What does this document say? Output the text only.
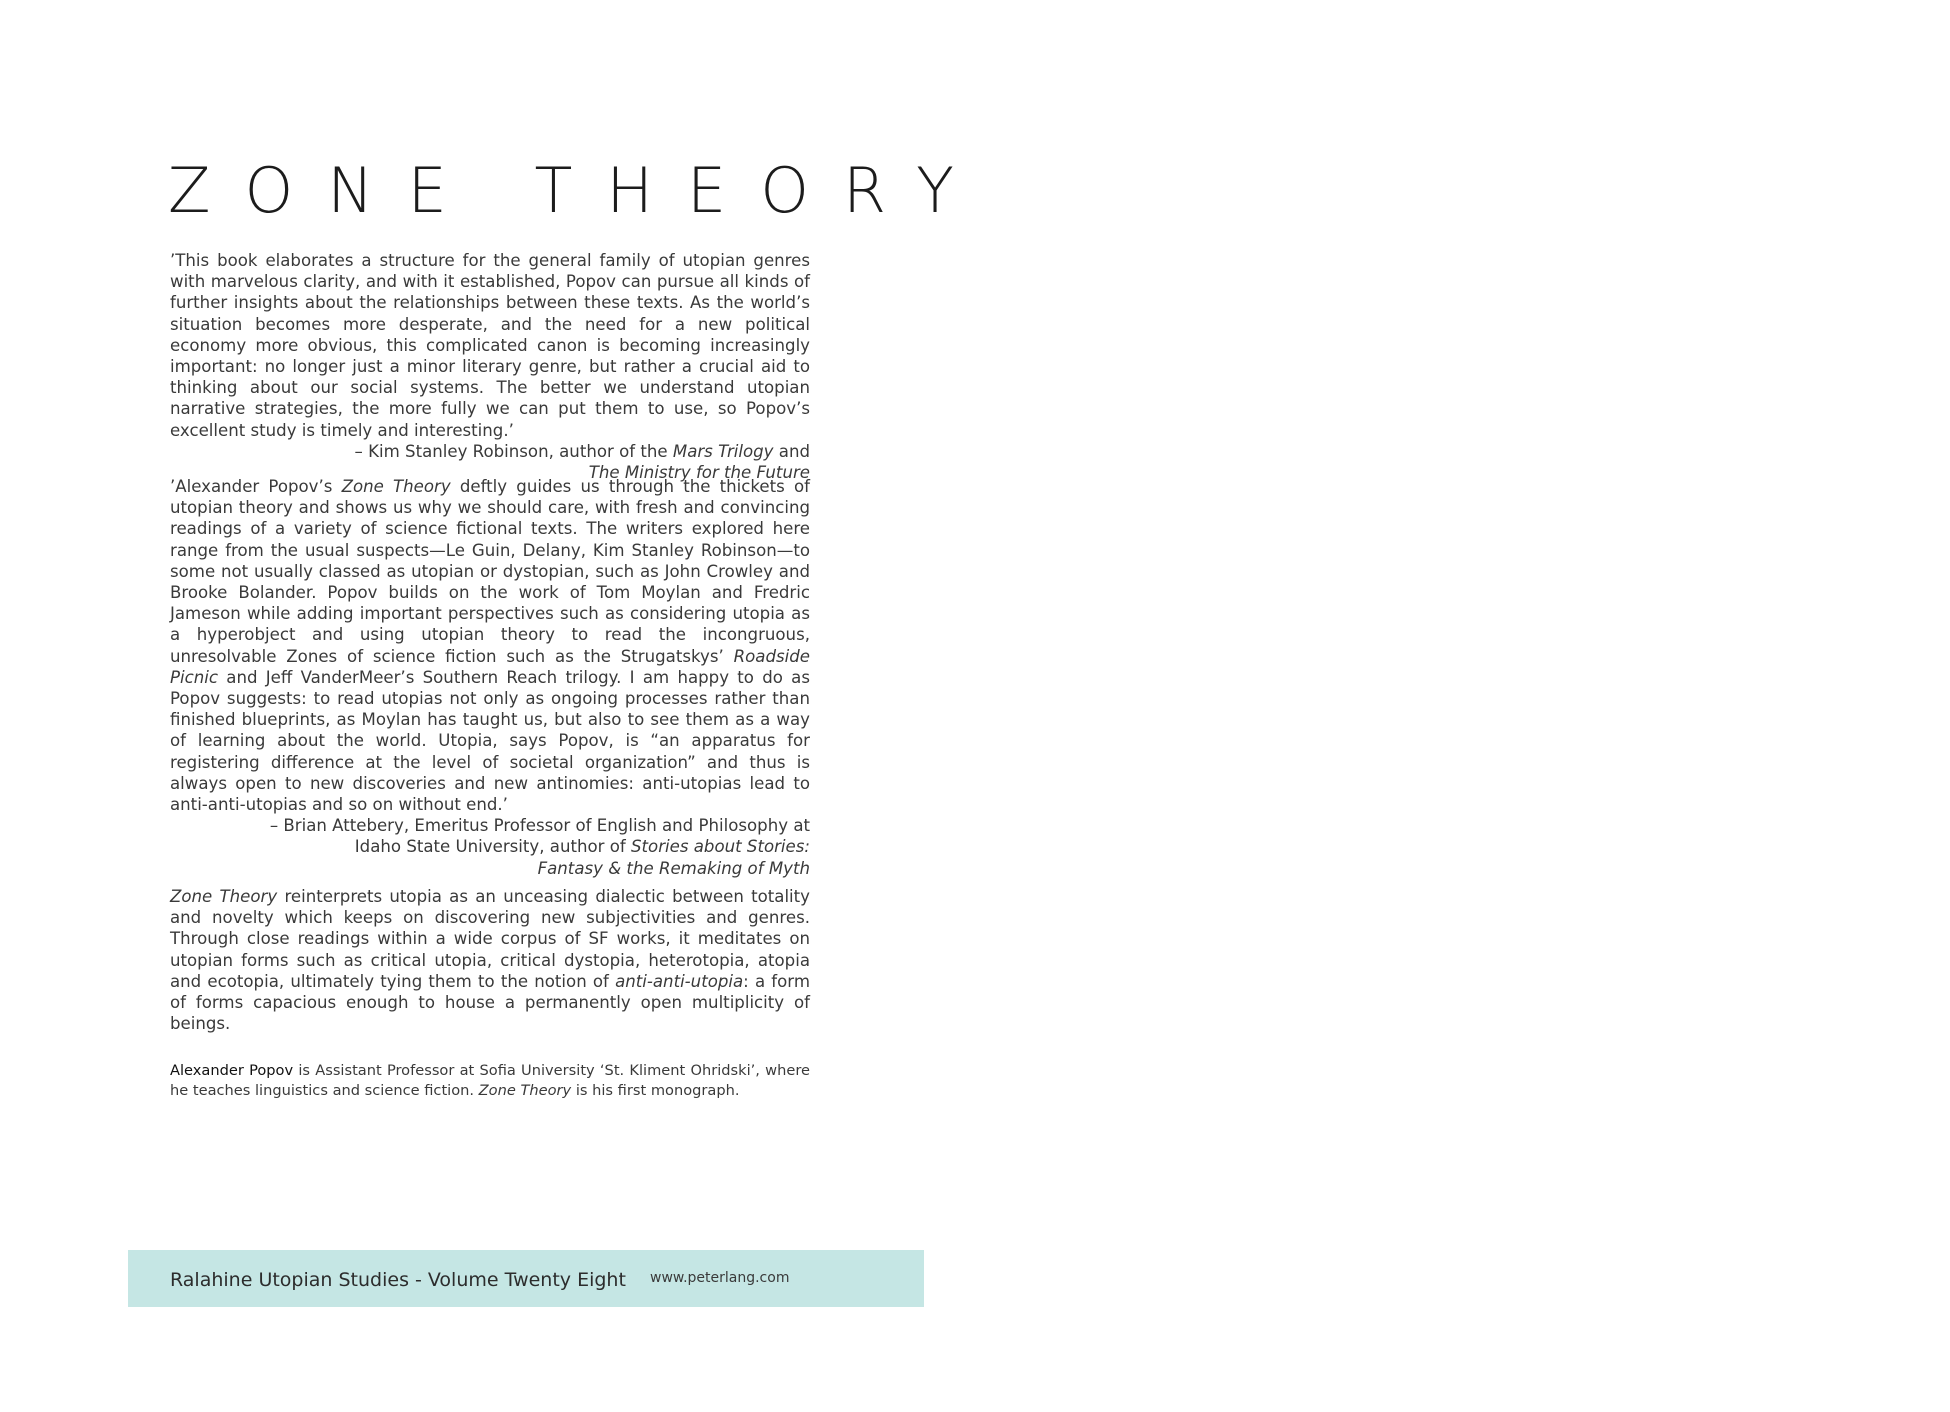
ZONE THEORY

’This book elaborates a structure for the general family of utopian genres with marvelous clarity, and with it established, Popov can pursue all kinds of further insights about the relationships between these texts. As the world’s situation becomes more desperate, and the need for a new political economy more obvious, this complicated canon is becoming increasingly important: no longer just a minor literary genre, but rather a crucial aid to thinking about our social systems. The better we understand utopian narrative strategies, the more fully we can put them to use, so Popov’s excellent study is timely and interesting.’

– Kim Stanley Robinson, author of the Mars Trilogy and
The Ministry for the Future

’Alexander Popov’s Zone Theory deftly guides us through the thickets of utopian theory and shows us why we should care, with fresh and convincing readings of a variety of science fictional texts. The writers explored here range from the usual suspects—Le Guin, Delany, Kim Stanley Robinson—to some not usually classed as utopian or dystopian, such as John Crowley and Brooke Bolander. Popov builds on the work of Tom Moylan and Fredric Jameson while adding important perspectives such as considering utopia as a hyperobject and using utopian theory to read the incongruous, unresolvable Zones of science fiction such as the Strugatskys’ Roadside Picnic and Jeff VanderMeer’s Southern Reach trilogy. I am happy to do as Popov suggests: to read utopias not only as ongoing processes rather than finished blueprints, as Moylan has taught us, but also to see them as a way of learning about the world. Utopia, says Popov, is “an apparatus for registering difference at the level of societal organization” and thus is always open to new discoveries and new antinomies: anti-utopias lead to anti-anti-utopias and so on without end.’

– Brian Attebery, Emeritus Professor of English and Philosophy at
Idaho State University, author of Stories about Stories:
Fantasy & the Remaking of Myth

Zone Theory reinterprets utopia as an unceasing dialectic between totality and novelty which keeps on discovering new subjectivities and genres. Through close readings within a wide corpus of SF works, it meditates on utopian forms such as critical utopia, critical dystopia, heterotopia, atopia and ecotopia, ultimately tying them to the notion of anti-anti-utopia: a form of forms capacious enough to house a permanently open multiplicity of beings.

Alexander Popov is Assistant Professor at Sofia University ‘St. Kliment Ohridski’, where he teaches linguistics and science fiction. Zone Theory is his first monograph.

Ralahine Utopian Studies - Volume Twenty Eight www.peterlang.com
